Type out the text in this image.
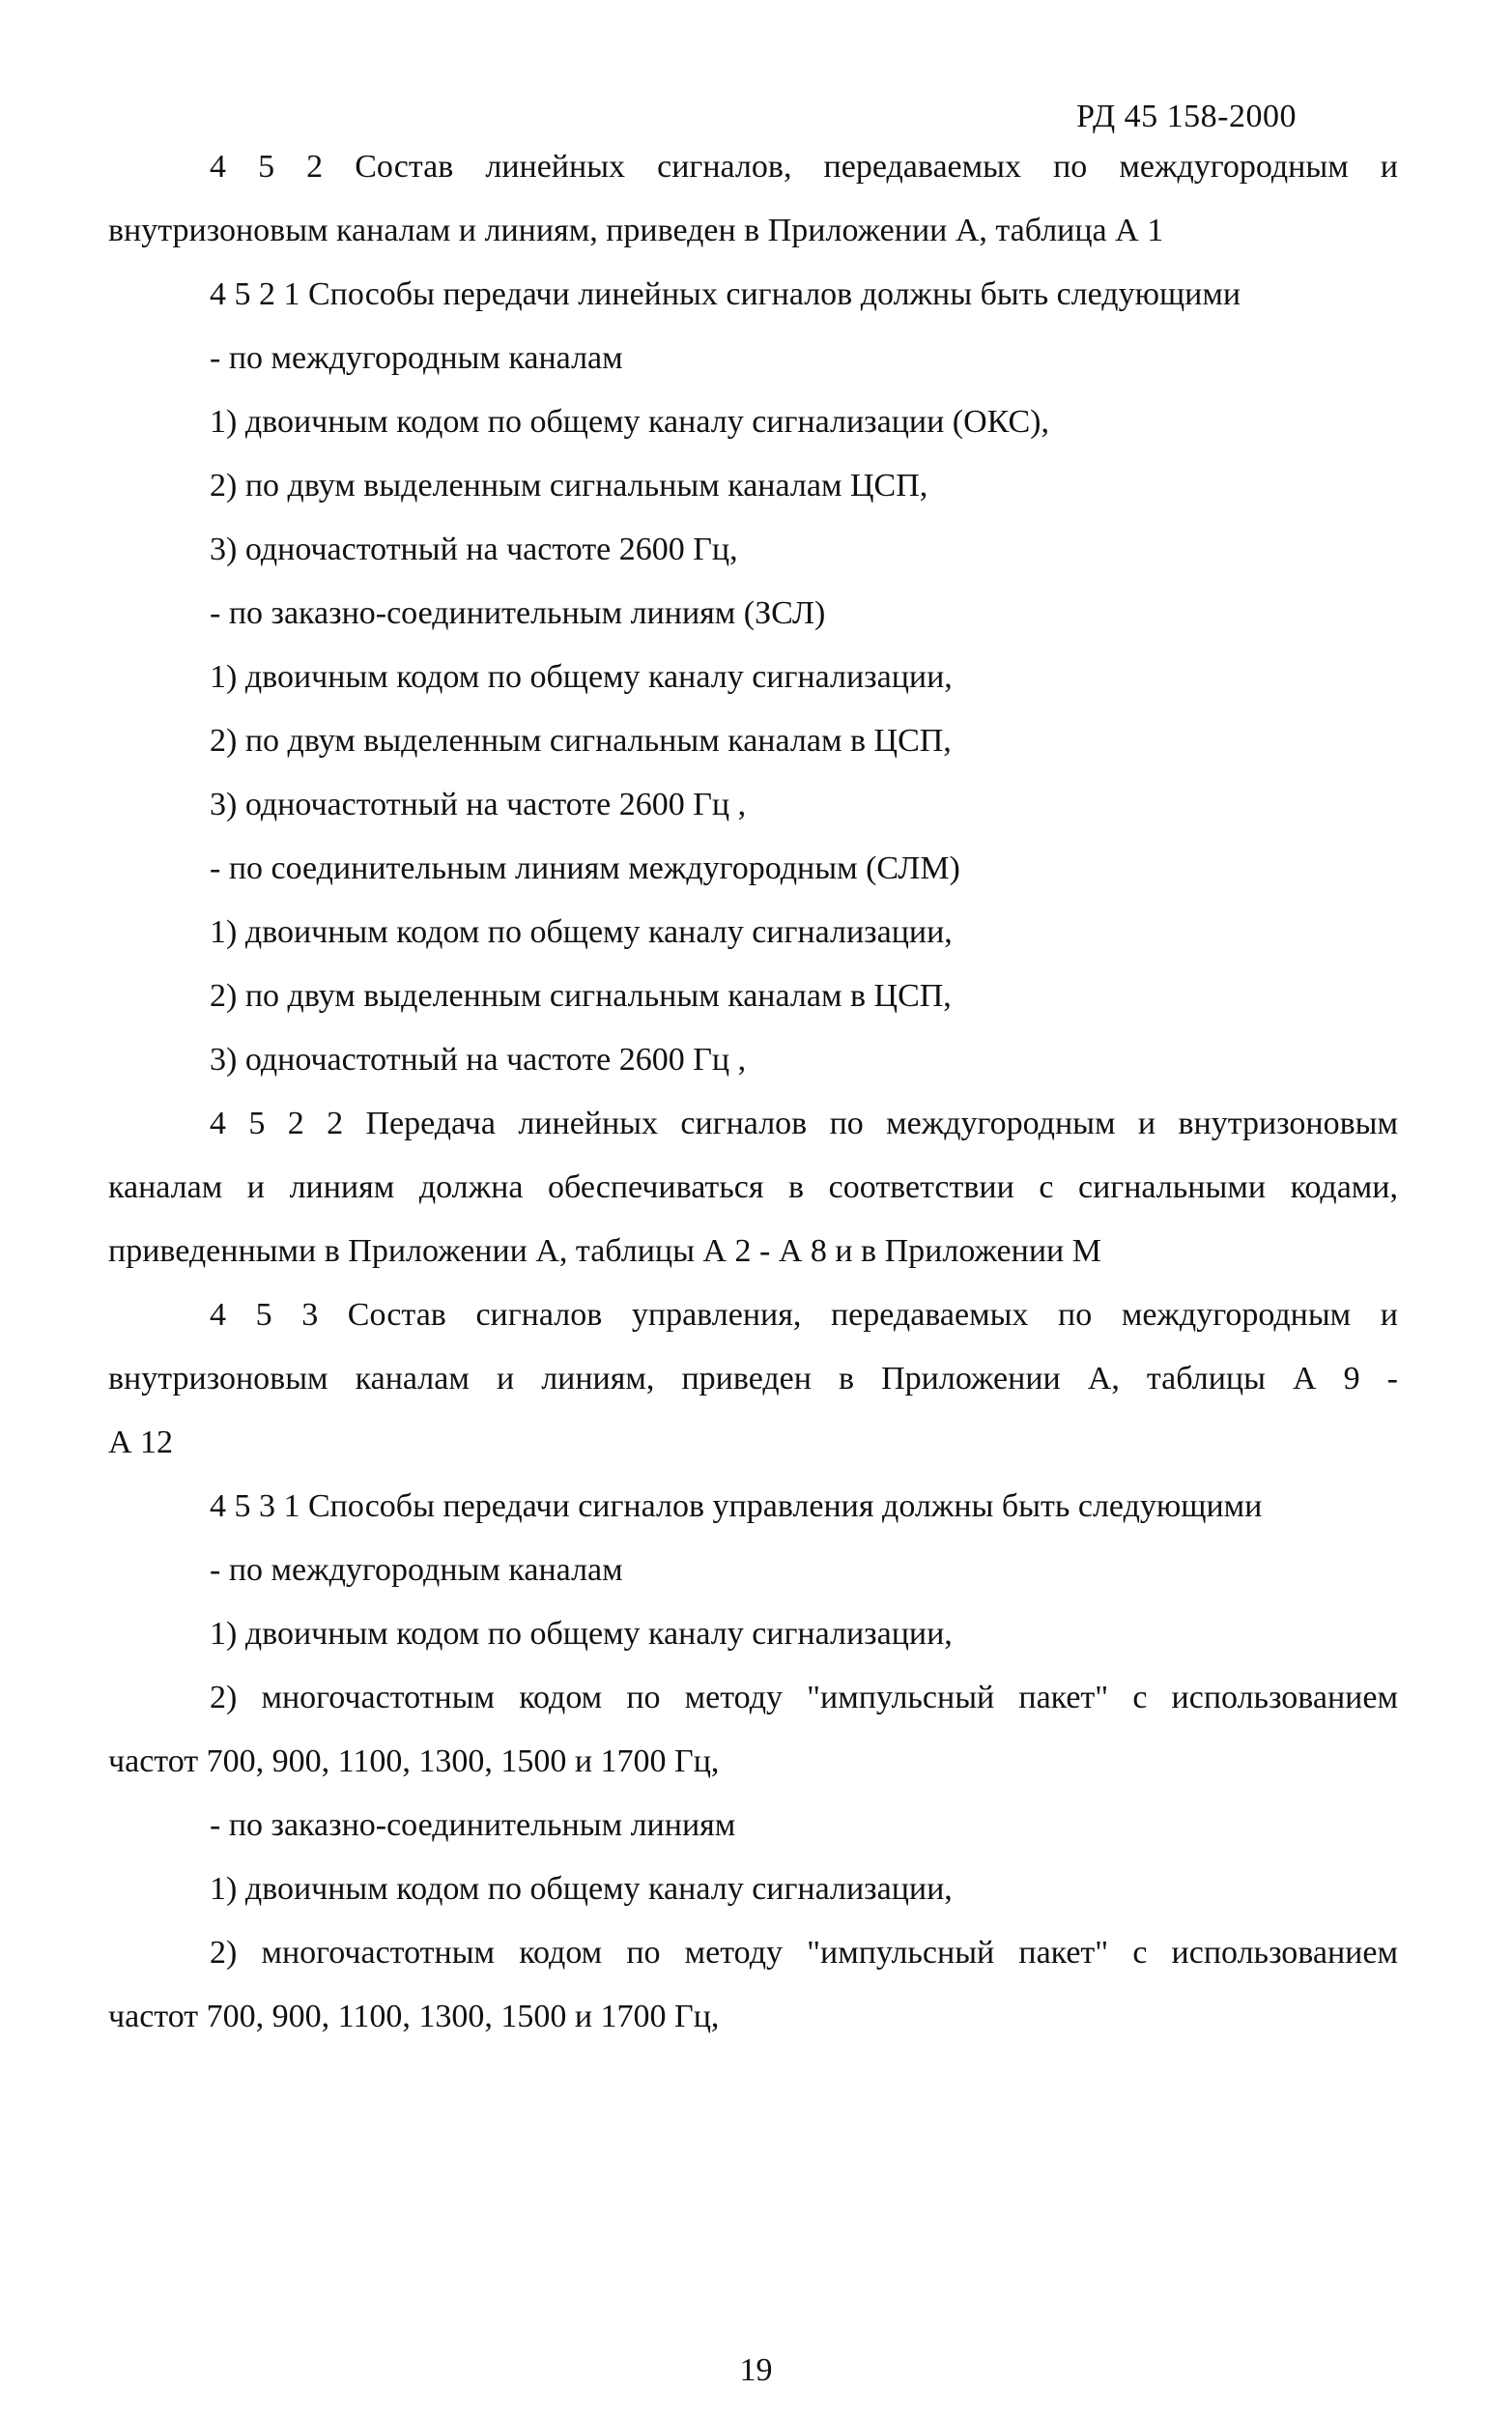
РД 45 158-2000

4 5 2 Состав линейных сигналов, передаваемых по междугородным и

внутризоновым каналам и линиям, приведен в Приложении А, таблица А 1

4 5 2 1 Способы передачи линейных сигналов должны быть следующими

- по междугородным каналам

1) двоичным кодом по общему каналу сигнализации (ОКС),

2) по двум выделенным сигнальным каналам ЦСП,

3) одночастотный на частоте 2600 Гц,

- по заказно-соединительным линиям (ЗСЛ)

1) двоичным кодом по общему каналу сигнализации,

2) по двум выделенным сигнальным каналам в ЦСП,

3) одночастотный на частоте 2600 Гц ,

- по соединительным линиям междугородным (СЛМ)

1) двоичным кодом по общему каналу сигнализации,

2) по двум выделенным сигнальным каналам в ЦСП,

3) одночастотный на частоте 2600 Гц ,

4 5 2 2 Передача линейных сигналов по междугородным и внутризоновым

каналам и линиям должна обеспечиваться в соответствии с сигнальными кодами,

приведенными в Приложении А, таблицы А 2 - А 8 и в Приложении М

4 5 3 Состав сигналов управления, передаваемых по междугородным и

внутризоновым каналам и линиям, приведен в Приложении А, таблицы А 9 -

А 12

4 5 3 1 Способы передачи сигналов управления должны быть следующими

- по междугородным каналам

1) двоичным кодом по общему каналу сигнализации,

2) многочастотным кодом по методу "импульсный пакет" с использованием

частот 700, 900, 1100, 1300, 1500 и 1700 Гц,

- по заказно-соединительным линиям

1) двоичным кодом по общему каналу сигнализации,

2) многочастотным кодом по методу "импульсный пакет" с использованием

частот 700, 900, 1100, 1300, 1500 и 1700 Гц,

19
